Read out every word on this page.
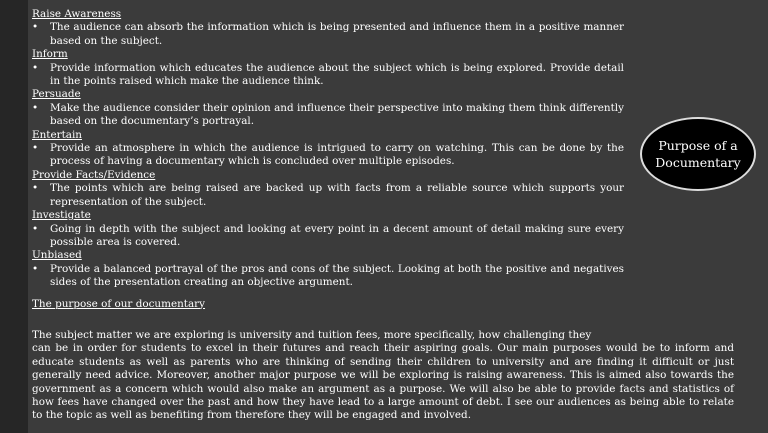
Raise Awareness
• The audience can absorb the information which is being presented and influence them in a positive manner based on the subject.
Inform
• Provide information which educates the audience about the subject which is being explored. Provide detail in the points raised which make the audience think.
Persuade
• Make the audience consider their opinion and influence their perspective into making them think differently based on the documentary’s portrayal.
Entertain
• Provide an atmosphere in which the audience is intrigued to carry on watching. This can be done by the process of having a documentary which is concluded over multiple episodes.
Provide Facts/Evidence
• The points which are being raised are backed up with facts from a reliable source which supports your representation of the subject.
Investigate
• Going in depth with the subject and looking at every point in a decent amount of detail making sure every possible area is covered.
Unbiased
• Provide a balanced portrayal of the pros and cons of the subject. Looking at both the positive and negatives sides of the presentation creating an objective argument.
The purpose of our documentary
The subject matter we are exploring is university and tuition fees, more specifically, how challenging they
can be in order for students to excel in their futures and reach their aspiring goals. Our main purposes would be to inform and educate students as well as parents who are thinking of sending their children to university and are finding it difficult or just generally need advice. Moreover, another major purpose we will be exploring is raising awareness. This is aimed also towards the government as a concern which would also make an argument as a purpose. We will also be able to provide facts and statistics of how fees have changed over the past and how they have lead to a large amount of debt. I see our audiences as being able to relate to the topic as well as benefiting from therefore they will be engaged and involved.
Purpose of a Documentary
